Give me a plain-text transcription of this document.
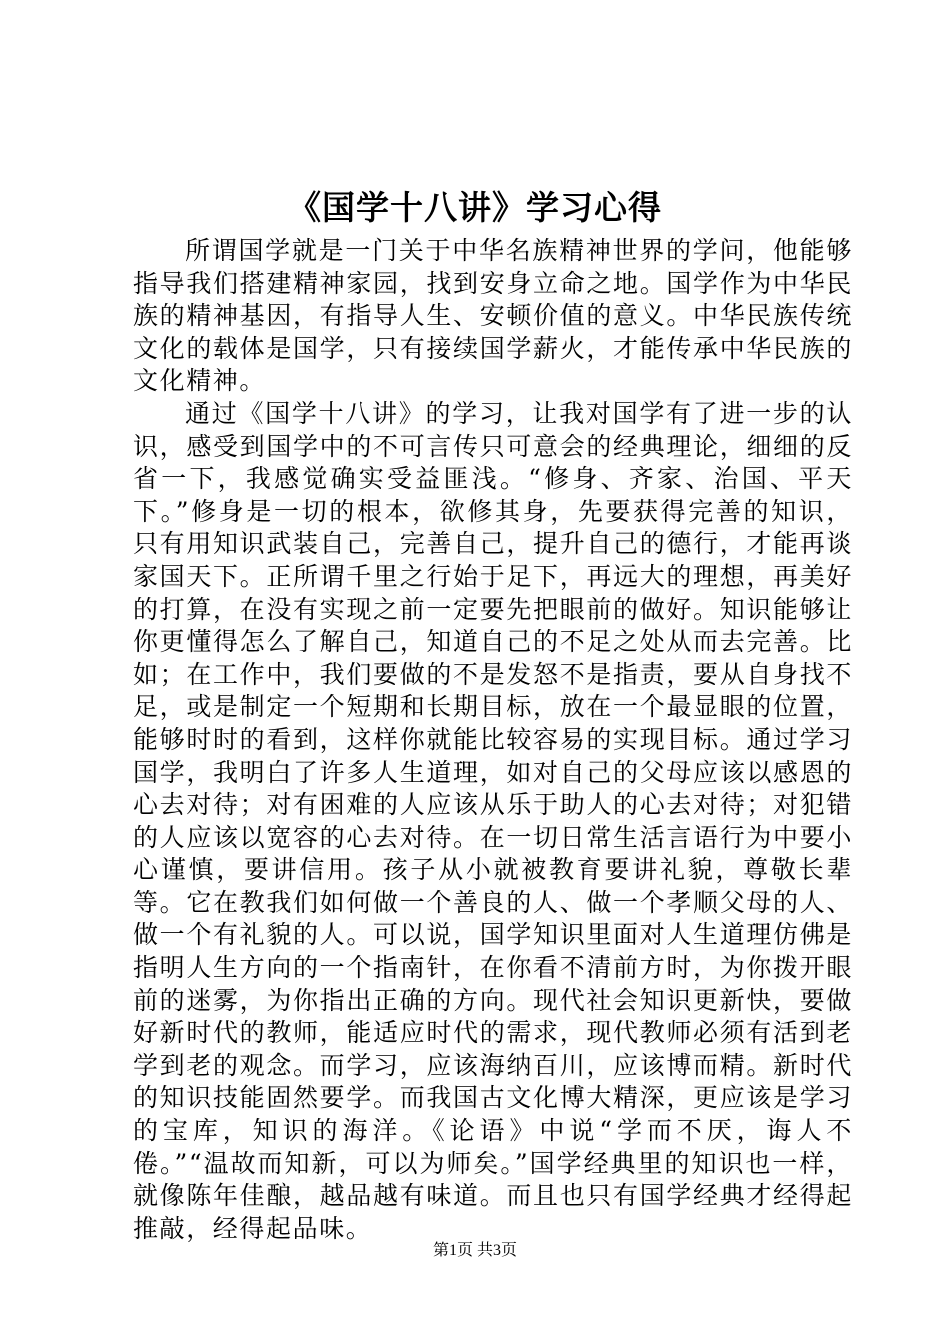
《国学十八讲》学习心得

所谓国学就是一门关于中华名族精神世界的学问，他能够指导我们搭建精神家园，找到安身立命之地。国学作为中华民族的精神基因，有指导人生、安顿价值的意义。中华民族传统文化的载体是国学，只有接续国学薪火，才能传承中华民族的文化精神。

通过《国学十八讲》的学习，让我对国学有了进一步的认识，感受到国学中的不可言传只可意会的经典理论，细细的反省一下，我感觉确实受益匪浅。“修身、齐家、治国、平天下。”修身是一切的根本，欲修其身，先要获得完善的知识，只有用知识武装自己，完善自己，提升自己的德行，才能再谈家国天下。正所谓千里之行始于足下，再远大的理想，再美好的打算，在没有实现之前一定要先把眼前的做好。知识能够让你更懂得怎么了解自己，知道自己的不足之处从而去完善。比如；在工作中，我们要做的不是发怒不是指责，要从自身找不足，或是制定一个短期和长期目标，放在一个最显眼的位置，能够时时的看到，这样你就能比较容易的实现目标。通过学习国学，我明白了许多人生道理，如对自己的父母应该以感恩的心去对待；对有困难的人应该从乐于助人的心去对待；对犯错的人应该以宽容的心去对待。在一切日常生活言语行为中要小心谨慎，要讲信用。孩子从小就被教育要讲礼貌，尊敬长辈等。它在教我们如何做一个善良的人、做一个孝顺父母的人、做一个有礼貌的人。可以说，国学知识里面对人生道理仿佛是指明人生方向的一个指南针，在你看不清前方时，为你拨开眼前的迷雾，为你指出正确的方向。现代社会知识更新快，要做好新时代的教师，能适应时代的需求，现代教师必须有活到老学到老的观念。而学习，应该海纳百川，应该博而精。新时代的知识技能固然要学。而我国古文化博大精深，更应该是学习的宝库，知识的海洋。《论语》中说“学而不厌，诲人不倦。”“温故而知新，可以为师矣。”国学经典里的知识也一样，就像陈年佳酿，越品越有味道。而且也只有国学经典才经得起推敲，经得起品味。

第1页 共3页
